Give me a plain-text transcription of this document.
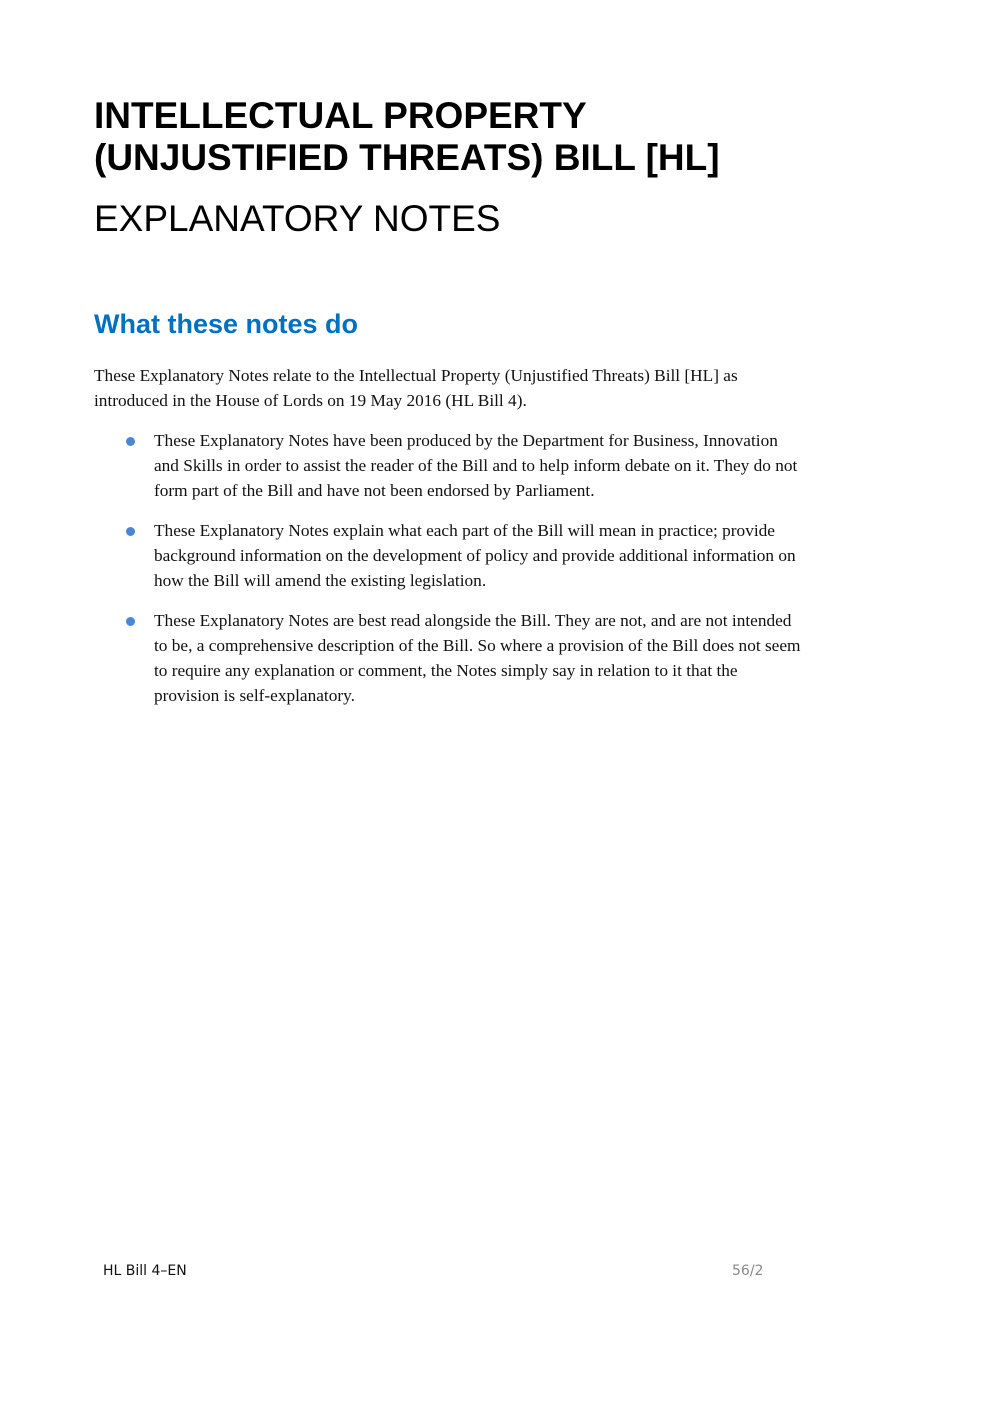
INTELLECTUAL PROPERTY
(UNJUSTIFIED THREATS) BILL [HL]
EXPLANATORY NOTES
What these notes do
These Explanatory Notes relate to the Intellectual Property (Unjustified Threats) Bill [HL] as
introduced in the House of Lords on 19 May 2016 (HL Bill 4).
These Explanatory Notes have been produced by the Department for Business, Innovation
and Skills in order to assist the reader of the Bill and to help inform debate on it. They do not
form part of the Bill and have not been endorsed by Parliament.
These Explanatory Notes explain what each part of the Bill will mean in practice; provide
background information on the development of policy and provide additional information on
how the Bill will amend the existing legislation.
These Explanatory Notes are best read alongside the Bill. They are not, and are not intended
to be, a comprehensive description of the Bill. So where a provision of the Bill does not seem
to require any explanation or comment, the Notes simply say in relation to it that the
provision is self-explanatory.
HL Bill 4–EN	56/2
